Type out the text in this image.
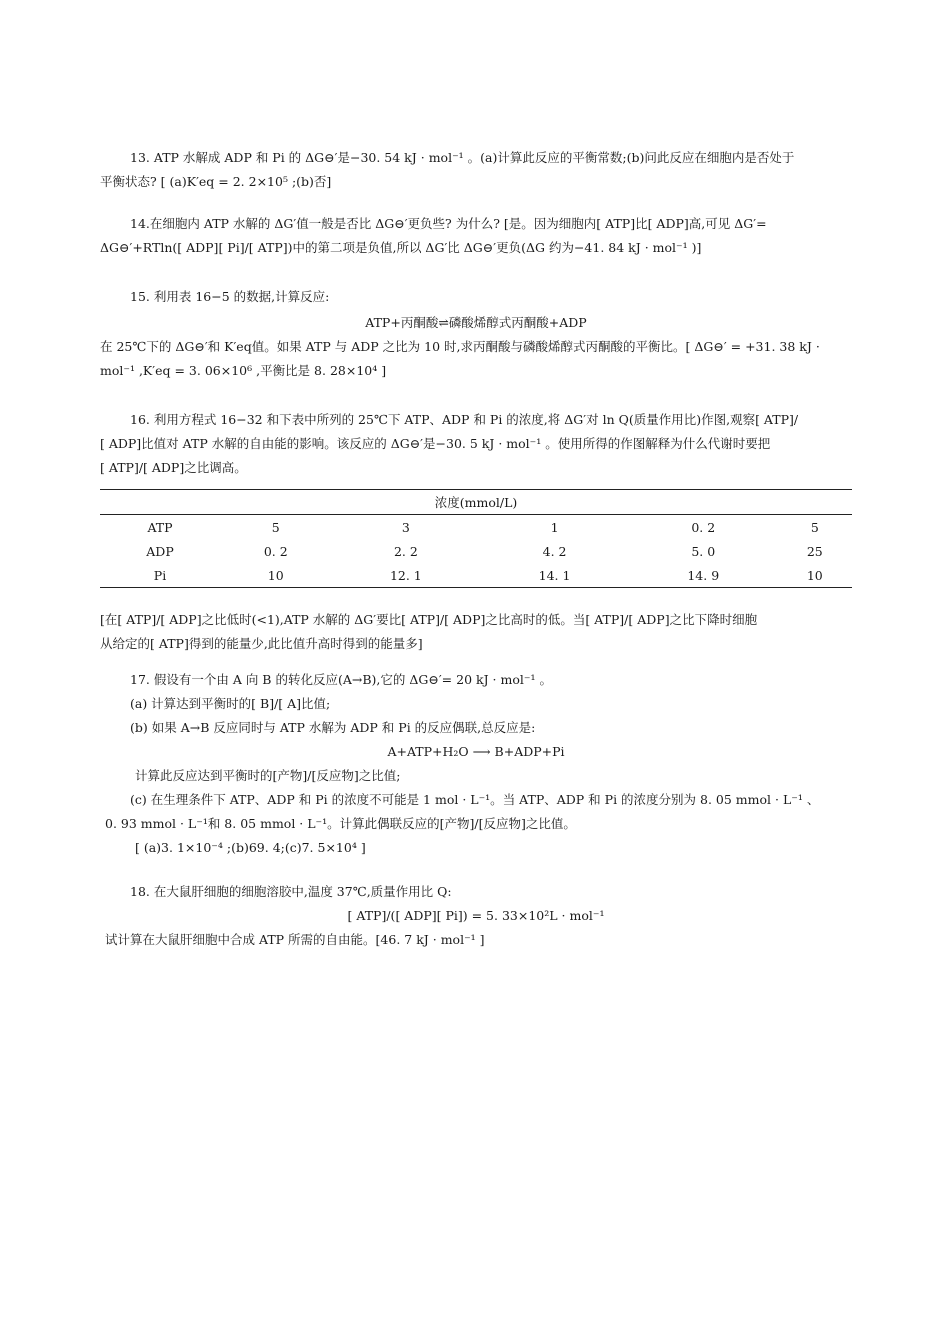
13. ATP 水解成 ADP 和 Pi 的 ΔG⊖′是−30. 54 kJ · mol⁻¹ 。(a)计算此反应的平衡常数;(b)问此反应在细胞内是否处于
平衡状态? [ (a)K′eq = 2. 2×10⁵ ;(b)否]
14.在细胞内 ATP 水解的 ΔG′值一般是否比 ΔG⊖′更负些? 为什么? [是。因为细胞内[ ATP]比[ ADP]高,可见 ΔG′=
ΔG⊖′+RTln([ ADP][ Pi]/[ ATP])中的第二项是负值,所以 ΔG′比 ΔG⊖′更负(ΔG 约为−41. 84 kJ · mol⁻¹ )]
15. 利用表 16−5 的数据,计算反应:
ATP+丙酮酸⇌磷酸烯醇式丙酮酸+ADP
在 25℃下的 ΔG⊖′和 K′eq值。如果 ATP 与 ADP 之比为 10 时,求丙酮酸与磷酸烯醇式丙酮酸的平衡比。[ ΔG⊖′ = +31. 38 kJ ·
mol⁻¹ ,K′eq = 3. 06×10⁶ ,平衡比是 8. 28×10⁴ ]
16. 利用方程式 16−32 和下表中所列的 25℃下 ATP、ADP 和 Pi 的浓度,将 ΔG′对 ln Q(质量作用比)作图,观察[ ATP]/
[ ADP]比值对 ATP 水解的自由能的影响。该反应的 ΔG⊖′是−30. 5 kJ · mol⁻¹ 。使用所得的作图解释为什么代谢时要把
[ ATP]/[ ADP]之比调高。
浓度(mmol/L)					
ATP	5	3	1	0. 2	5
ADP	0. 2	2. 2	4. 2	5. 0	25
Pi	10	12. 1	14. 1	14. 9	10
[在[ ATP]/[ ADP]之比低时(<1),ATP 水解的 ΔG′要比[ ATP]/[ ADP]之比高时的低。当[ ATP]/[ ADP]之比下降时细胞
从给定的[ ATP]得到的能量少,此比值升高时得到的能量多]
17. 假设有一个由 A 向 B 的转化反应(A→B),它的 ΔG⊖′= 20 kJ · mol⁻¹ 。
(a) 计算达到平衡时的[ B]/[ A]比值;
(b) 如果 A→B 反应同时与 ATP 水解为 ADP 和 Pi 的反应偶联,总反应是:
A+ATP+H₂O ⟶ B+ADP+Pi
计算此反应达到平衡时的[产物]/[反应物]之比值;
(c) 在生理条件下 ATP、ADP 和 Pi 的浓度不可能是 1 mol · L⁻¹。当 ATP、ADP 和 Pi 的浓度分别为 8. 05 mmol · L⁻¹ 、
0. 93 mmol · L⁻¹和 8. 05 mmol · L⁻¹。计算此偶联反应的[产物]/[反应物]之比值。
[ (a)3. 1×10⁻⁴ ;(b)69. 4;(c)7. 5×10⁴ ]
18. 在大鼠肝细胞的细胞溶胶中,温度 37℃,质量作用比 Q:
[ ATP]/([ ADP][ Pi]) = 5. 33×10²L · mol⁻¹
试计算在大鼠肝细胞中合成 ATP 所需的自由能。[46. 7 kJ · mol⁻¹ ]
